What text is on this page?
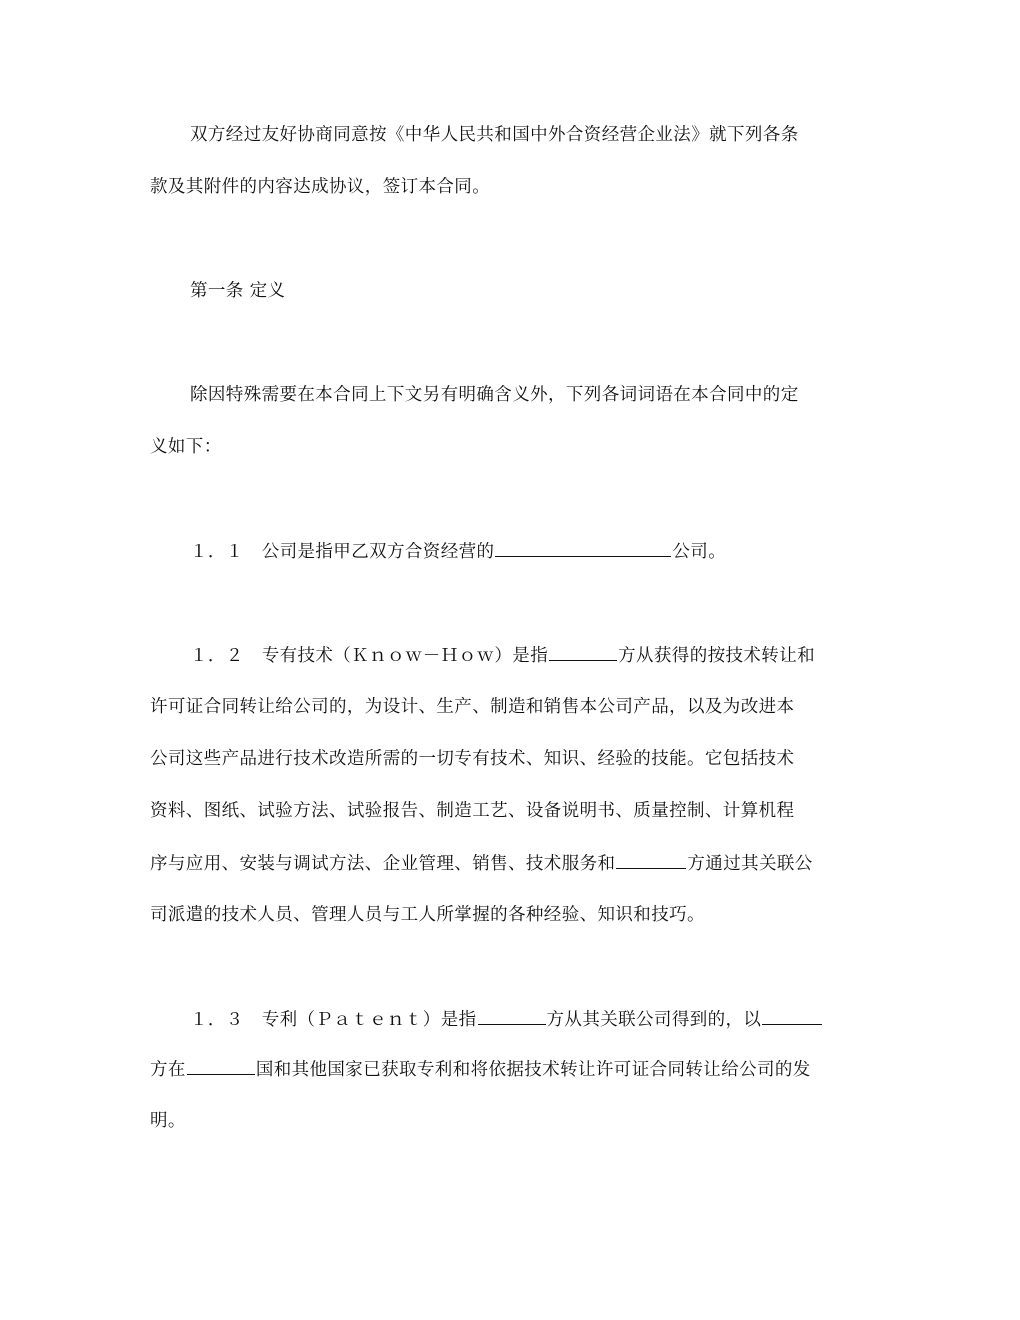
双方经过友好协商同意按《中华人民共和国中外合资经营企业法》就下列各条
款及其附件的内容达成协议，签订本合同。
第一条 定义
除因特殊需要在本合同上下文另有明确含义外，下列各词词语在本合同中的定
义如下：
１．１ 公司是指甲乙双方合资经营的	公司。
１．２ 专有技术（Ｋｎｏｗ－Ｈｏｗ）是指	方从获得的按技术转让和
许可证合同转让给公司的，为设计、生产、制造和销售本公司产品，以及为改进本
公司这些产品进行技术改造所需的一切专有技术、知识、经验的技能。它包括技术
资料、图纸、试验方法、试验报告、制造工艺、设备说明书、质量控制、计算机程
序与应用、安装与调试方法、企业管理、销售、技术服务和	方通过其关联公
司派遣的技术人员、管理人员与工人所掌握的各种经验、知识和技巧。
１．３ 专利（Ｐａｔｅｎｔ）是指	方从其关联公司得到的，以
方在	国和其他国家已获取专利和将依据技术转让许可证合同转让给公司的发
明。
